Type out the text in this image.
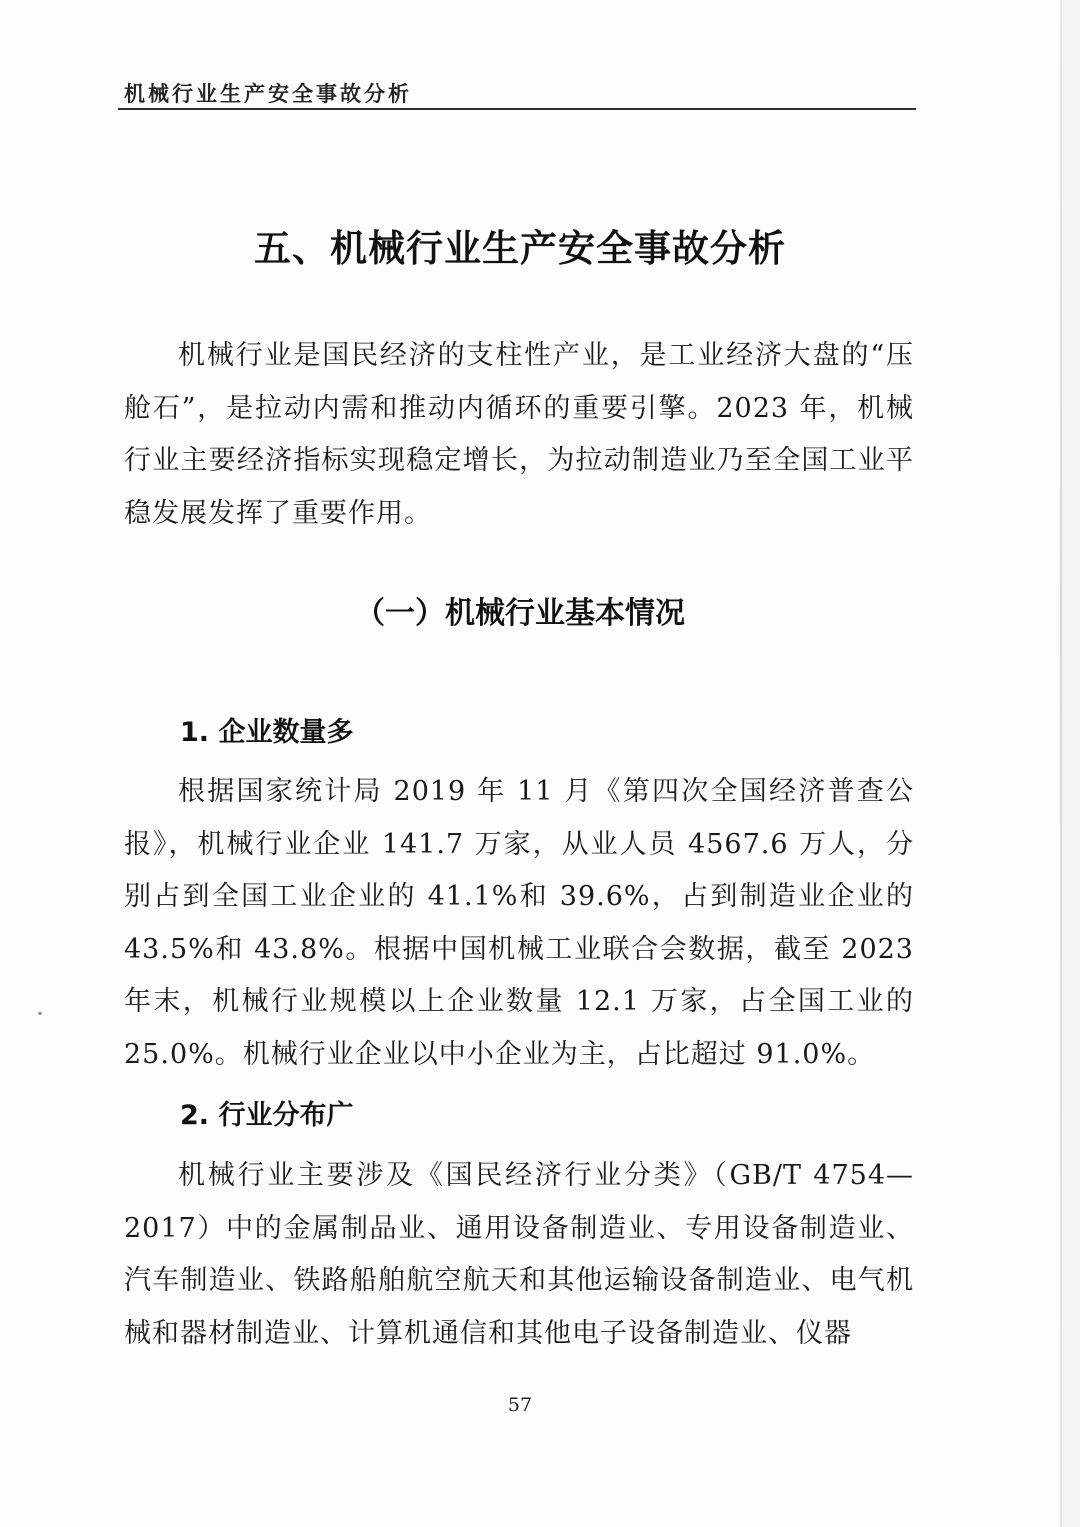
机械行业生产安全事故分析
五、机械行业生产安全事故分析

机械行业是国民经济的支柱性产业，是工业经济大盘的“压舱石”，是拉动内需和推动内循环的重要引擎。2023 年，机械行业主要经济指标实现稳定增长，为拉动制造业乃至全国工业平稳发展发挥了重要作用。

（一）机械行业基本情况
1. 企业数量多

根据国家统计局 2019 年 11 月《第四次全国经济普查公报》，机械行业企业 141.7 万家，从业人员 4567.6 万人，分别占到全国工业企业的 41.1%和 39.6%，占到制造业企业的 43.5%和 43.8%。根据中国机械工业联合会数据，截至 2023 年末，机械行业规模以上企业数量 12.1 万家，占全国工业的 25.0%。机械行业企业以中小企业为主，占比超过 91.0%。

2. 行业分布广

机械行业主要涉及《国民经济行业分类》（GB/T 4754—2017）中的金属制品业、通用设备制造业、专用设备制造业、汽车制造业、铁路船舶航空航天和其他运输设备制造业、电气机械和器材制造业、计算机通信和其他电子设备制造业、仪器

57
